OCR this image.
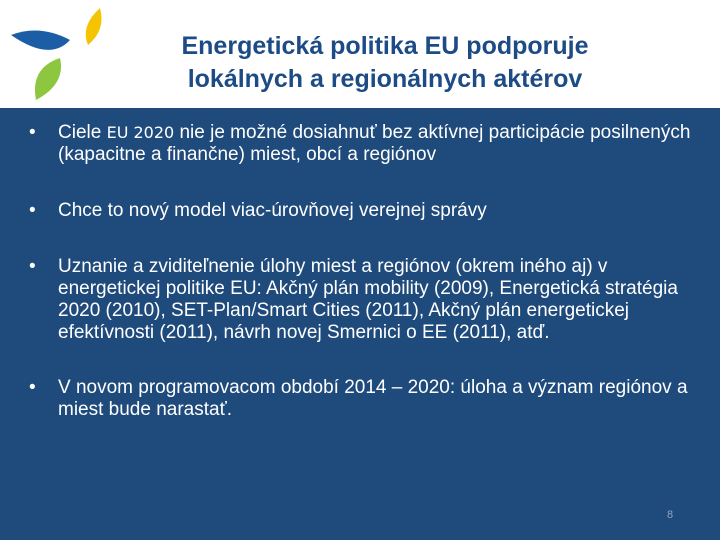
Energetická politika EU podporuje
lokálnych a regionálnych aktérov
• Ciele EU 2020 nie je možné dosiahnuť bez aktívnej participácie posilnených (kapacitne a finančne) miest, obcí a regiónov
• Chce to nový model viac-úrovňovej verejnej správy
• Uznanie a zviditeľnenie úlohy miest a regiónov (okrem iného aj) v energetickej politike EU: Akčný plán mobility (2009), Energetická stratégia 2020 (2010), SET-Plan/Smart Cities (2011), Akčný plán energetickej efektívnosti (2011), návrh novej Smernici o EE (2011), atď.
• V novom programovacom období 2014 – 2020: úloha a význam regiónov a miest bude narastať.
8
